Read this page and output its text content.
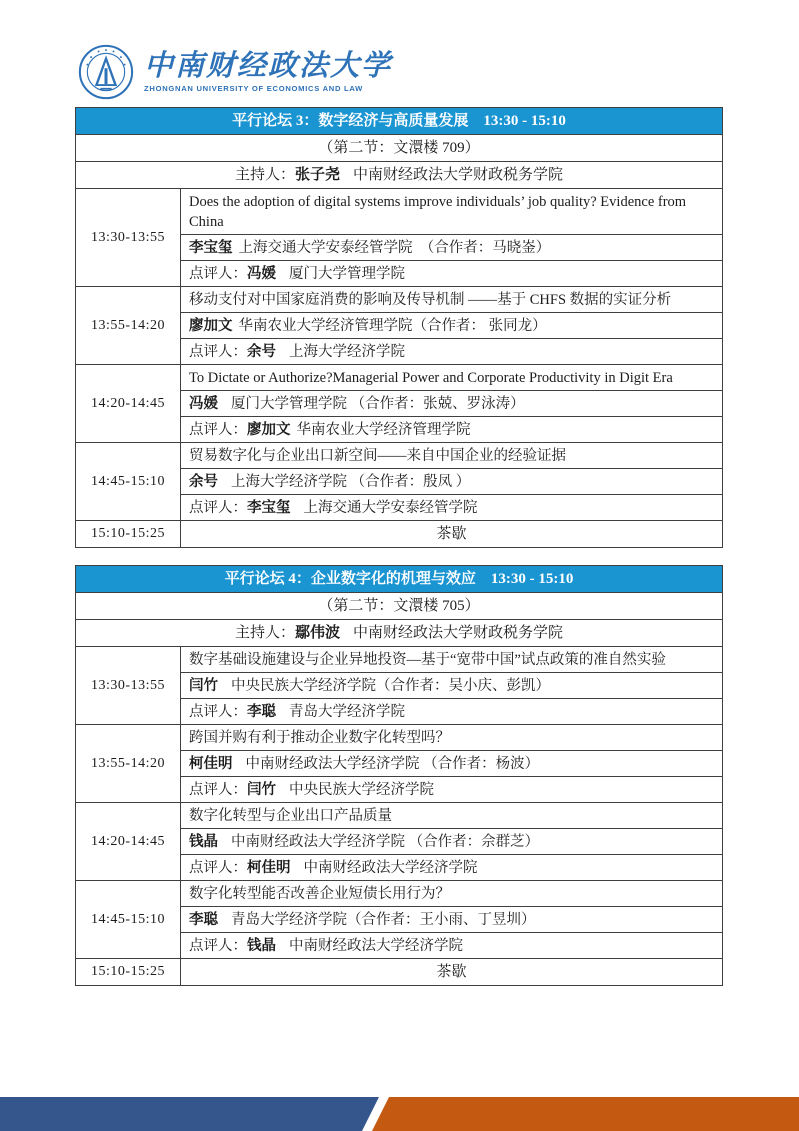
中南财经政法大学
ZHONGNAN UNIVERSITY OF ECONOMICS AND LAW
平行论坛 3：数字经济与高质量发展　13:30 - 15:10
（第二节：文澴楼 709）
主持人：张子尧 中南财经政法大学财政税务学院
13:30-13:55
Does the adoption of digital systems improve individuals’ job quality? Evidence from China
李宝玺 上海交通大学安泰经管学院　（合作者：马晓崟）
点评人：冯媛 厦门大学管理学院
13:55-14:20
移动支付对中国家庭消费的影响及传导机制 ——基于 CHFS 数据的实证分析
廖加文 华南农业大学经济管理学院（合作者： 张同龙）
点评人：余号 上海大学经济学院
14:20-14:45
To Dictate or Authorize?Managerial Power and Corporate Productivity in Digit Era
冯媛 厦门大学管理学院 （合作者：张兢、罗泳涛）
点评人：廖加文 华南农业大学经济管理学院
14:45-15:10
贸易数字化与企业出口新空间——来自中国企业的经验证据
余号 上海大学经济学院 （合作者：殷凤 ）
点评人：李宝玺 上海交通大学安泰经管学院
15:10-15:25	茶歇
平行论坛 4：企业数字化的机理与效应　13:30 - 15:10
（第二节：文澴楼 705）
主持人：鄢伟波 中南财经政法大学财政税务学院
13:30-13:55
数字基础设施建设与企业异地投资—基于“宽带中国”试点政策的准自然实验
闫竹 中央民族大学经济学院（合作者：吴小庆、彭凯）
点评人：李聪 青岛大学经济学院
13:55-14:20
跨国并购有利于推动企业数字化转型吗？
柯佳明 中南财经政法大学经济学院 （合作者：杨波）
点评人：闫竹 中央民族大学经济学院
14:20-14:45
数字化转型与企业出口产品质量
钱晶 中南财经政法大学经济学院 （合作者：佘群芝）
点评人：柯佳明 中南财经政法大学经济学院
14:45-15:10
数字化转型能否改善企业短债长用行为？
李聪 青岛大学经济学院（合作者：王小雨、丁昱圳）
点评人：钱晶 中南财经政法大学经济学院
15:10-15:25	茶歇
